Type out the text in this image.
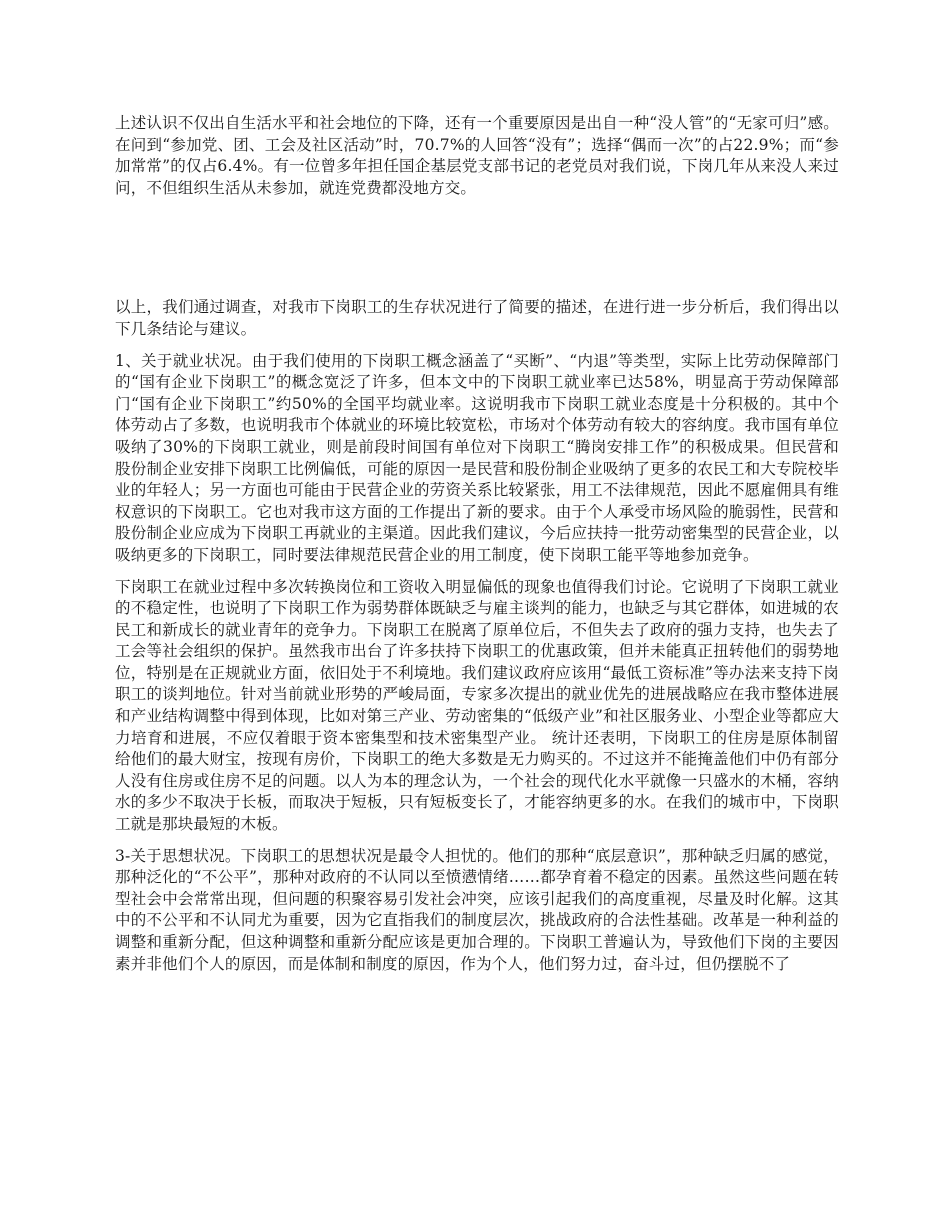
上述认识不仅出自生活水平和社会地位的下降，还有一个重要原因是出自一种“没人管”的“无家可归”感。在问到“参加党、团、工会及社区活动”时，70.7%的人回答“没有”；选择“偶而一次”的占22.9%；而“参加常常”的仅占6.4%。有一位曾多年担任国企基层党支部书记的老党员对我们说，下岗几年从来没人来过问，不但组织生活从未参加，就连党费都没地方交。

以上，我们通过调查，对我市下岗职工的生存状况进行了简要的描述，在进行进一步分析后，我们得出以下几条结论与建议。

1、关于就业状况。由于我们使用的下岗职工概念涵盖了“买断”、“内退”等类型，实际上比劳动保障部门的“国有企业下岗职工”的概念宽泛了许多，但本文中的下岗职工就业率已达58%，明显高于劳动保障部门“国有企业下岗职工”约50%的全国平均就业率。这说明我市下岗职工就业态度是十分积极的。其中个体劳动占了多数，也说明我市个体就业的环境比较宽松，市场对个体劳动有较大的容纳度。我市国有单位吸纳了30%的下岗职工就业，则是前段时间国有单位对下岗职工“腾岗安排工作”的积极成果。但民营和股份制企业安排下岗职工比例偏低，可能的原因一是民营和股份制企业吸纳了更多的农民工和大专院校毕业的年轻人；另一方面也可能由于民营企业的劳资关系比较紧张，用工不法律规范，因此不愿雇佣具有维权意识的下岗职工。它也对我市这方面的工作提出了新的要求。由于个人承受市场风险的脆弱性，民营和股份制企业应成为下岗职工再就业的主渠道。因此我们建议，今后应扶持一批劳动密集型的民营企业，以吸纳更多的下岗职工，同时要法律规范民营企业的用工制度，使下岗职工能平等地参加竞争。

下岗职工在就业过程中多次转换岗位和工资收入明显偏低的现象也值得我们讨论。它说明了下岗职工就业的不稳定性，也说明了下岗职工作为弱势群体既缺乏与雇主谈判的能力，也缺乏与其它群体，如进城的农民工和新成长的就业青年的竞争力。下岗职工在脱离了原单位后，不但失去了政府的强力支持，也失去了工会等社会组织的保护。虽然我市出台了许多扶持下岗职工的优惠政策，但并未能真正扭转他们的弱势地位，特别是在正规就业方面，依旧处于不利境地。我们建议政府应该用“最低工资标准”等办法来支持下岗职工的谈判地位。针对当前就业形势的严峻局面，专家多次提出的就业优先的进展战略应在我市整体进展和产业结构调整中得到体现，比如对第三产业、劳动密集的“低级产业”和社区服务业、小型企业等都应大力培育和进展，不应仅着眼于资本密集型和技术密集型产业。 统计还表明，下岗职工的住房是原体制留给他们的最大财宝，按现有房价，下岗职工的绝大多数是无力购买的。不过这并不能掩盖他们中仍有部分人没有住房或住房不足的问题。以人为本的理念认为，一个社会的现代化水平就像一只盛水的木桶，容纳水的多少不取决于长板，而取决于短板，只有短板变长了，才能容纳更多的水。在我们的城市中，下岗职工就是那块最短的木板。

3-关于思想状况。下岗职工的思想状况是最令人担忧的。他们的那种“底层意识”，那种缺乏归属的感觉，那种泛化的“不公平”，那种对政府的不认同以至愤懑情绪……都孕育着不稳定的因素。虽然这些问题在转型社会中会常常出现，但问题的积聚容易引发社会冲突，应该引起我们的高度重视，尽量及时化解。这其中的不公平和不认同尤为重要，因为它直指我们的制度层次，挑战政府的合法性基础。改革是一种利益的调整和重新分配，但这种调整和重新分配应该是更加合理的。下岗职工普遍认为，导致他们下岗的主要因素并非他们个人的原因，而是体制和制度的原因，作为个人，他们努力过，奋斗过，但仍摆脱不了
